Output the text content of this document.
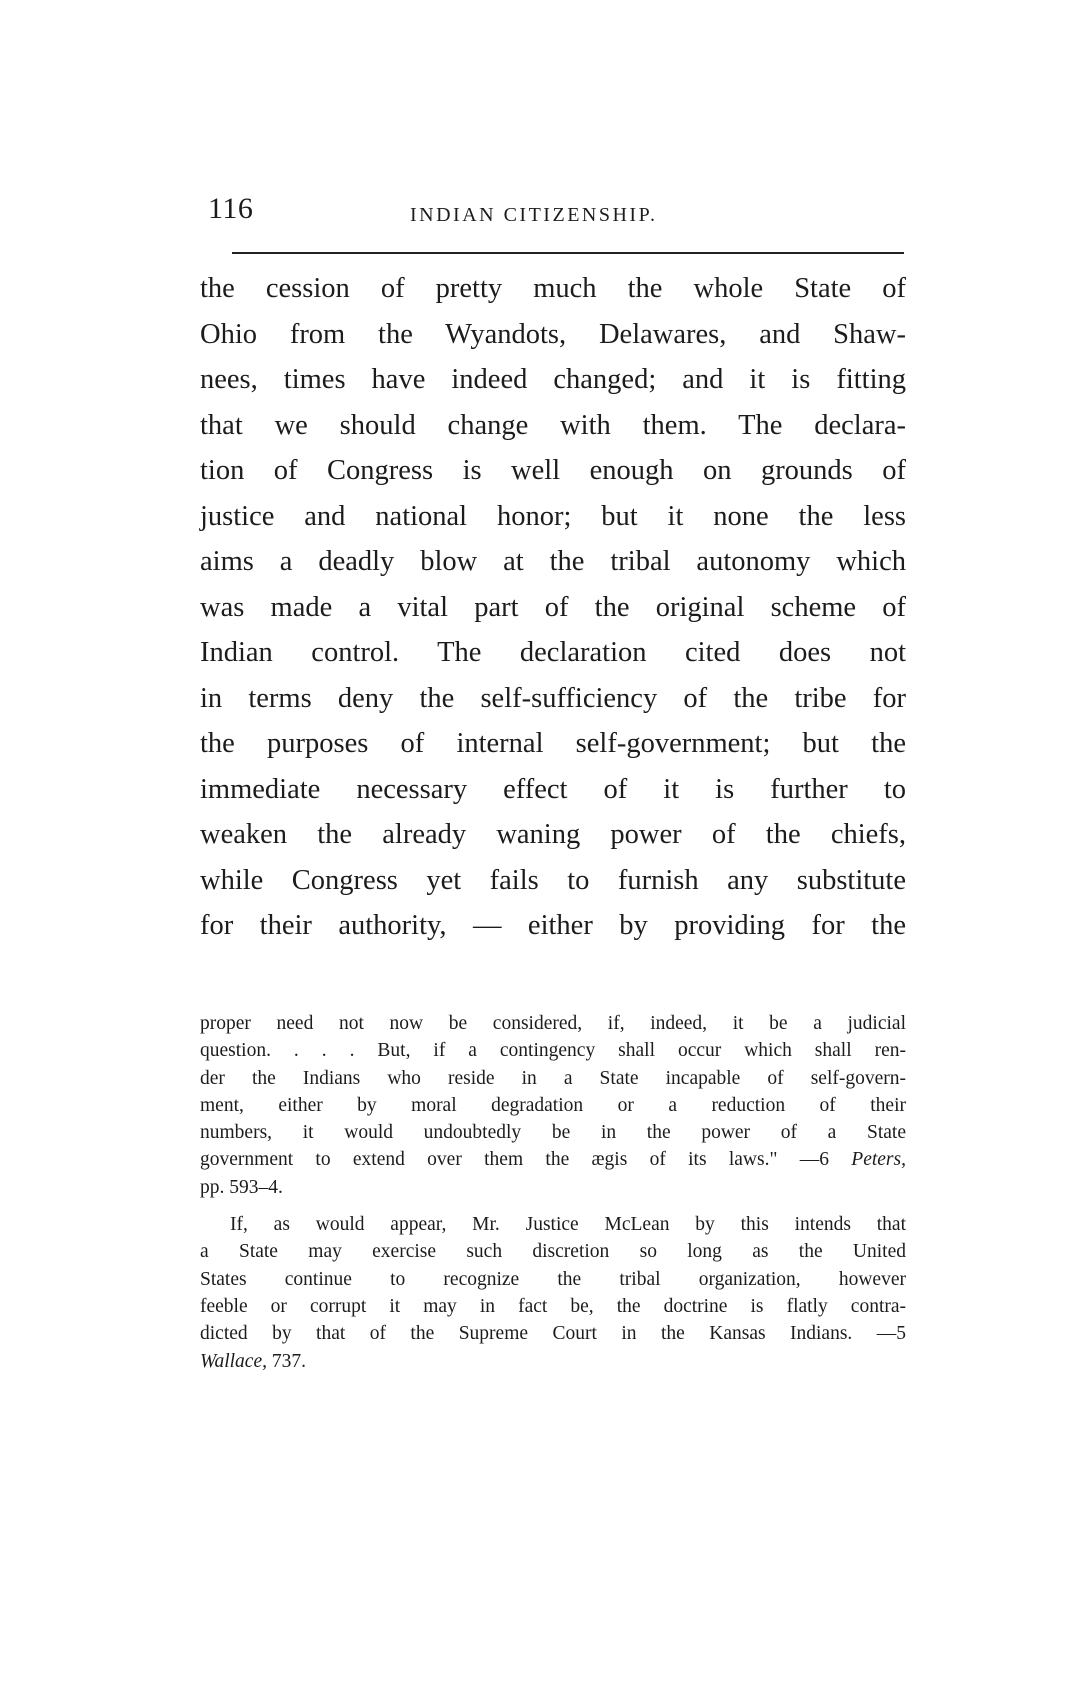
116	INDIAN CITIZENSHIP.
the cession of pretty much the whole State of
Ohio from the Wyandots, Delawares, and Shaw-
nees, times have indeed changed; and it is fitting
that we should change with them. The declara-
tion of Congress is well enough on grounds of
justice and national honor; but it none the less
aims a deadly blow at the tribal autonomy which
was made a vital part of the original scheme of
Indian control. The declaration cited does not
in terms deny the self-sufficiency of the tribe for
the purposes of internal self-government; but the
immediate necessary effect of it is further to
weaken the already waning power of the chiefs,
while Congress yet fails to furnish any substitute
for their authority, — either by providing for the
proper need not now be considered, if, indeed, it be a judicial
question. . . . But, if a contingency shall occur which shall ren-
der the Indians who reside in a State incapable of self-govern-
ment, either by moral degradation or a reduction of their
numbers, it would undoubtedly be in the power of a State
government to extend over them the ægis of its laws." —6 Peters,
pp. 593–4.
If, as would appear, Mr. Justice McLean by this intends that
a State may exercise such discretion so long as the United
States continue to recognize the tribal organization, however
feeble or corrupt it may in fact be, the doctrine is flatly contra-
dicted by that of the Supreme Court in the Kansas Indians. —5
Wallace, 737.
